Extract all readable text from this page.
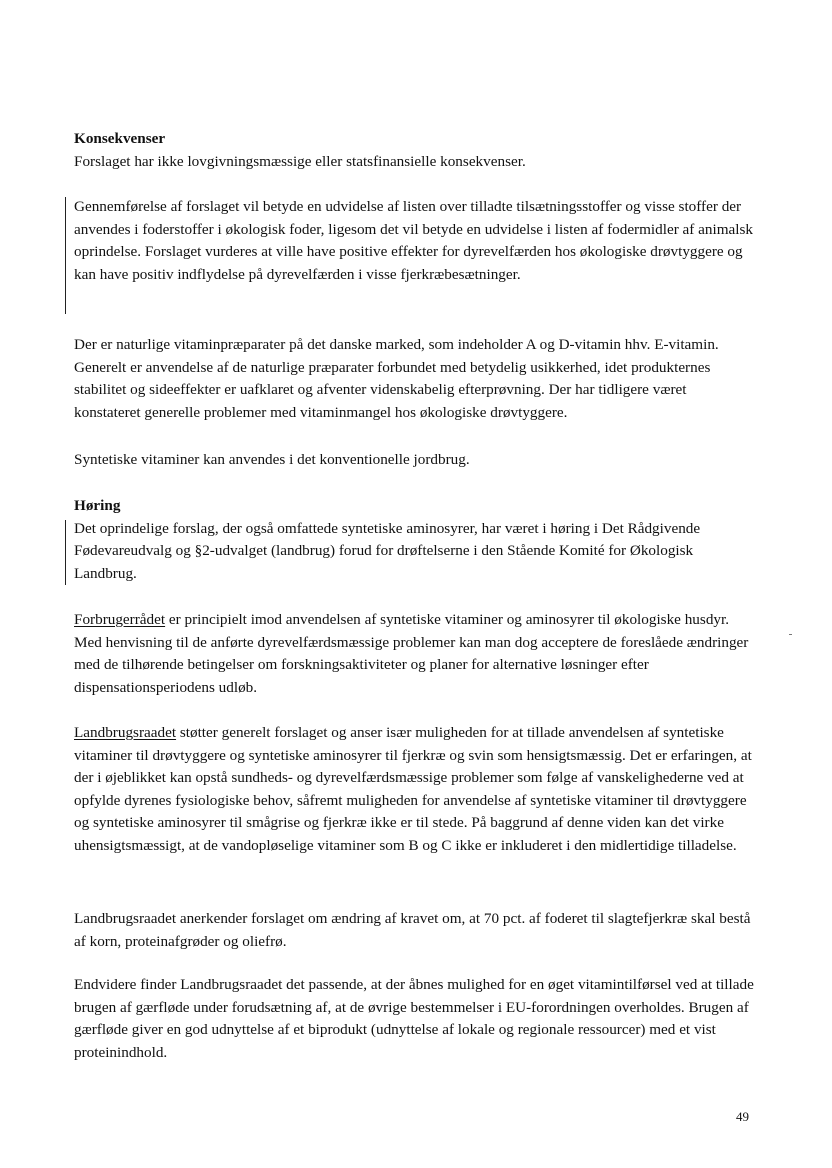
Konsekvenser
Forslaget har ikke lovgivningsmæssige eller statsfinansielle konsekvenser.
Gennemførelse af forslaget vil betyde en udvidelse af listen over tilladte tilsætningsstoffer og visse stoffer der anvendes i foderstoffer i økologisk foder, ligesom det vil betyde en udvidelse i listen af fodermidler af animalsk oprindelse. Forslaget vurderes at ville have positive effekter for dyrevelfærden hos økologiske drøvtyggere og kan have positiv indflydelse på dyrevelfærden i visse fjerkræbesætninger.
Der er naturlige vitaminpræparater på det danske marked, som indeholder A og D-vitamin hhv. E-vitamin. Generelt er anvendelse af de naturlige præparater forbundet med betydelig usikkerhed, idet produkternes stabilitet og sideeffekter er uafklaret og afventer videnskabelig efterprøvning. Der har tidligere været konstateret generelle problemer med vitaminmangel hos økologiske drøvtyggere.
Syntetiske vitaminer kan anvendes i det konventionelle jordbrug.
Høring
Det oprindelige forslag, der også omfattede syntetiske aminosyrer, har været i høring i Det Rådgivende Fødevareudvalg og §2-udvalget (landbrug) forud for drøftelserne i den Stående Komité for Økologisk Landbrug.
Forbrugerrådet er principielt imod anvendelsen af syntetiske vitaminer og aminosyrer til økologiske husdyr. Med henvisning til de anførte dyrevelfærdsmæssige problemer kan man dog acceptere de foreslåede ændringer med de tilhørende betingelser om forskningsaktiviteter og planer for alternative løsninger efter dispensationsperiodens udløb.
Landbrugsraadet støtter generelt forslaget og anser især muligheden for at tillade anvendelsen af syntetiske vitaminer til drøvtyggere og syntetiske aminosyrer til fjerkræ og svin som hensigtsmæssig. Det er erfaringen, at der i øjeblikket kan opstå sundheds- og dyrevelfærdsmæssige problemer som følge af vanskelighederne ved at opfylde dyrenes fysiologiske behov, såfremt muligheden for anvendelse af syntetiske vitaminer til drøvtyggere og syntetiske aminosyrer til smågrise og fjerkræ ikke er til stede. På baggrund af denne viden kan det virke uhensigtsmæssigt, at de vandopløselige vitaminer som B og C ikke er inkluderet i den midlertidige tilladelse.
Landbrugsraadet anerkender forslaget om ændring af kravet om, at 70 pct. af foderet til slagtefjerkræ skal bestå af korn, proteinafgrøder og oliefrø.
Endvidere finder Landbrugsraadet det passende, at der åbnes mulighed for en øget vitamintilførsel ved at tillade brugen af gærfløde under forudsætning af, at de øvrige bestemmelser i EU-forordningen overholdes. Brugen af gærfløde giver en god udnyttelse af et biprodukt (udnyttelse af lokale og regionale ressourcer) med et vist proteinindhold.
49
